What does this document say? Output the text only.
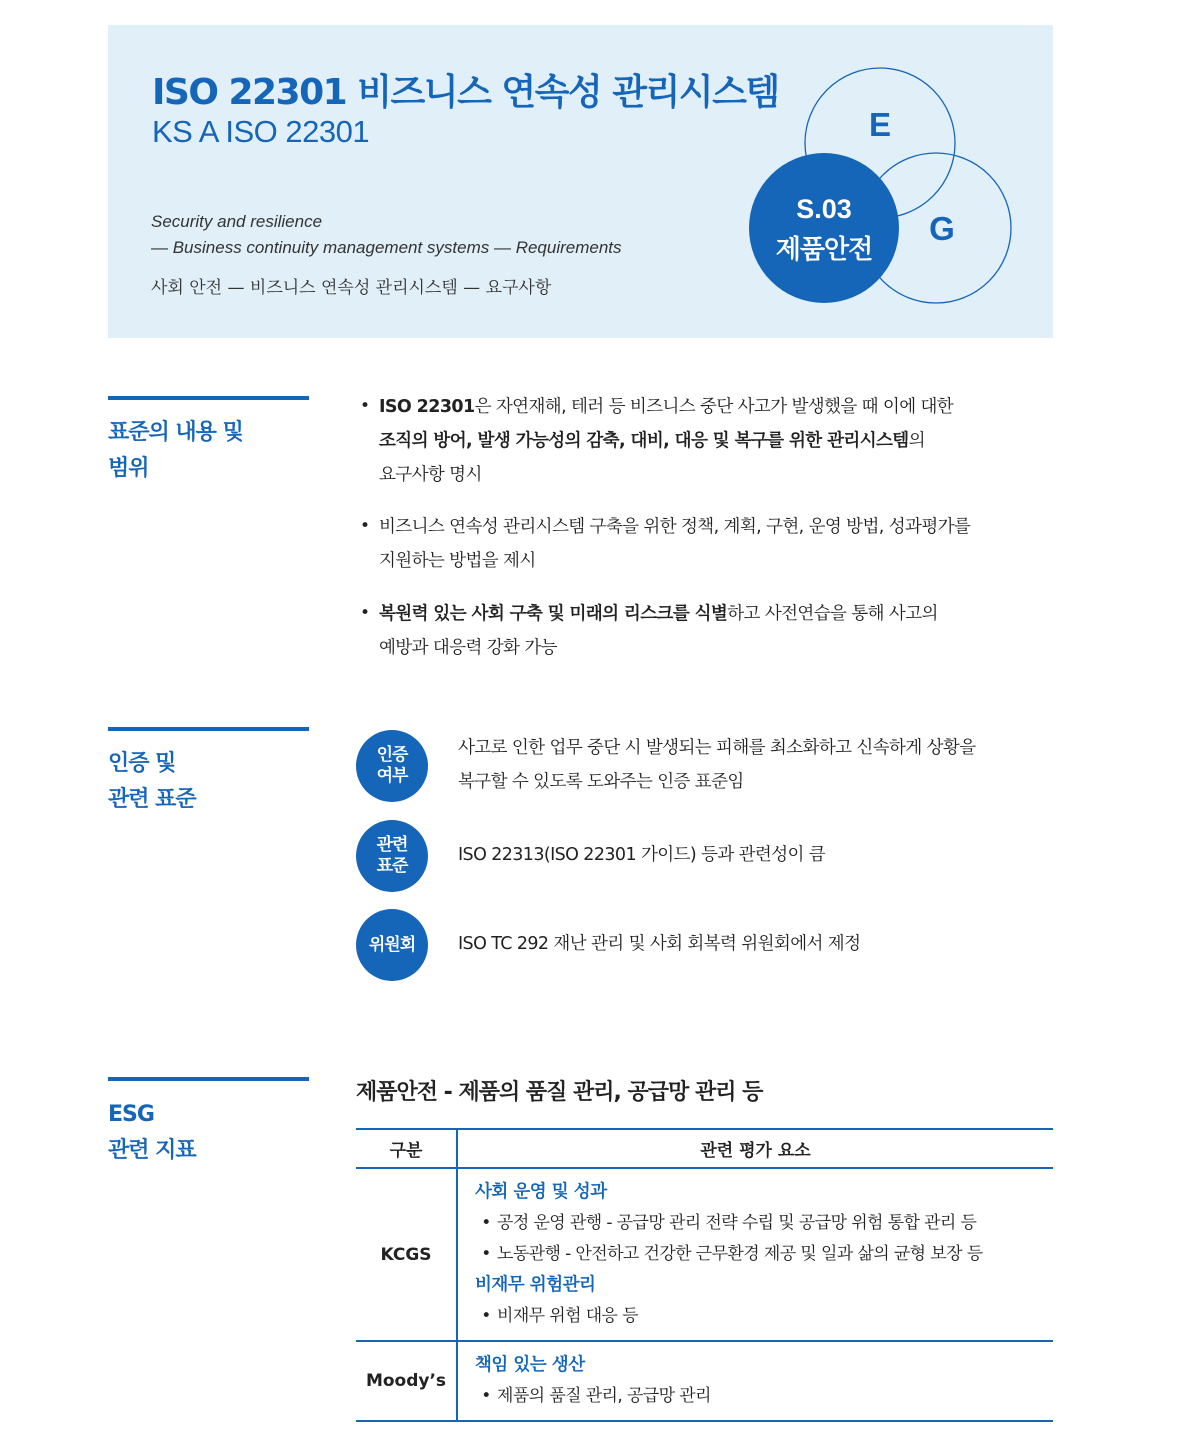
ISO 22301 비즈니스 연속성 관리시스템
KS A ISO 22301
Security and resilience
— Business continuity management systems — Requirements
사회 안전 — 비즈니스 연속성 관리시스템 — 요구사항
E
G
S.03
제품안전
표준의 내용 및
범위
• ISO 22301은 자연재해, 테러 등 비즈니스 중단 사고가 발생했을 때 이에 대한
조직의 방어, 발생 가능성의 감축, 대비, 대응 및 복구를 위한 관리시스템의
요구사항 명시
• 비즈니스 연속성 관리시스템 구축을 위한 정책, 계획, 구현, 운영 방법, 성과평가를
지원하는 방법을 제시
• 복원력 있는 사회 구축 및 미래의 리스크를 식별하고 사전연습을 통해 사고의
예방과 대응력 강화 가능
인증 및
관련 표준
인증
여부
사고로 인한 업무 중단 시 발생되는 피해를 최소화하고 신속하게 상황을
복구할 수 있도록 도와주는 인증 표준임
관련
표준
ISO 22313(ISO 22301 가이드) 등과 관련성이 큼
위원회 ISO TC 292 재난 관리 및 사회 회복력 위원회에서 제정
ESG
관련 지표
제품안전 - 제품의 품질 관리, 공급망 관리 등
구분	관련 평가 요소
KCGS	사회 운영 및 성과
• 공정 운영 관행 - 공급망 관리 전략 수립 및 공급망 위험 통합 관리 등
• 노동관행 - 안전하고 건강한 근무환경 제공 및 일과 삶의 균형 보장 등
비재무 위험관리
• 비재무 위험 대응 등

Moody’s	책임 있는 생산
• 제품의 품질 관리, 공급망 관리
